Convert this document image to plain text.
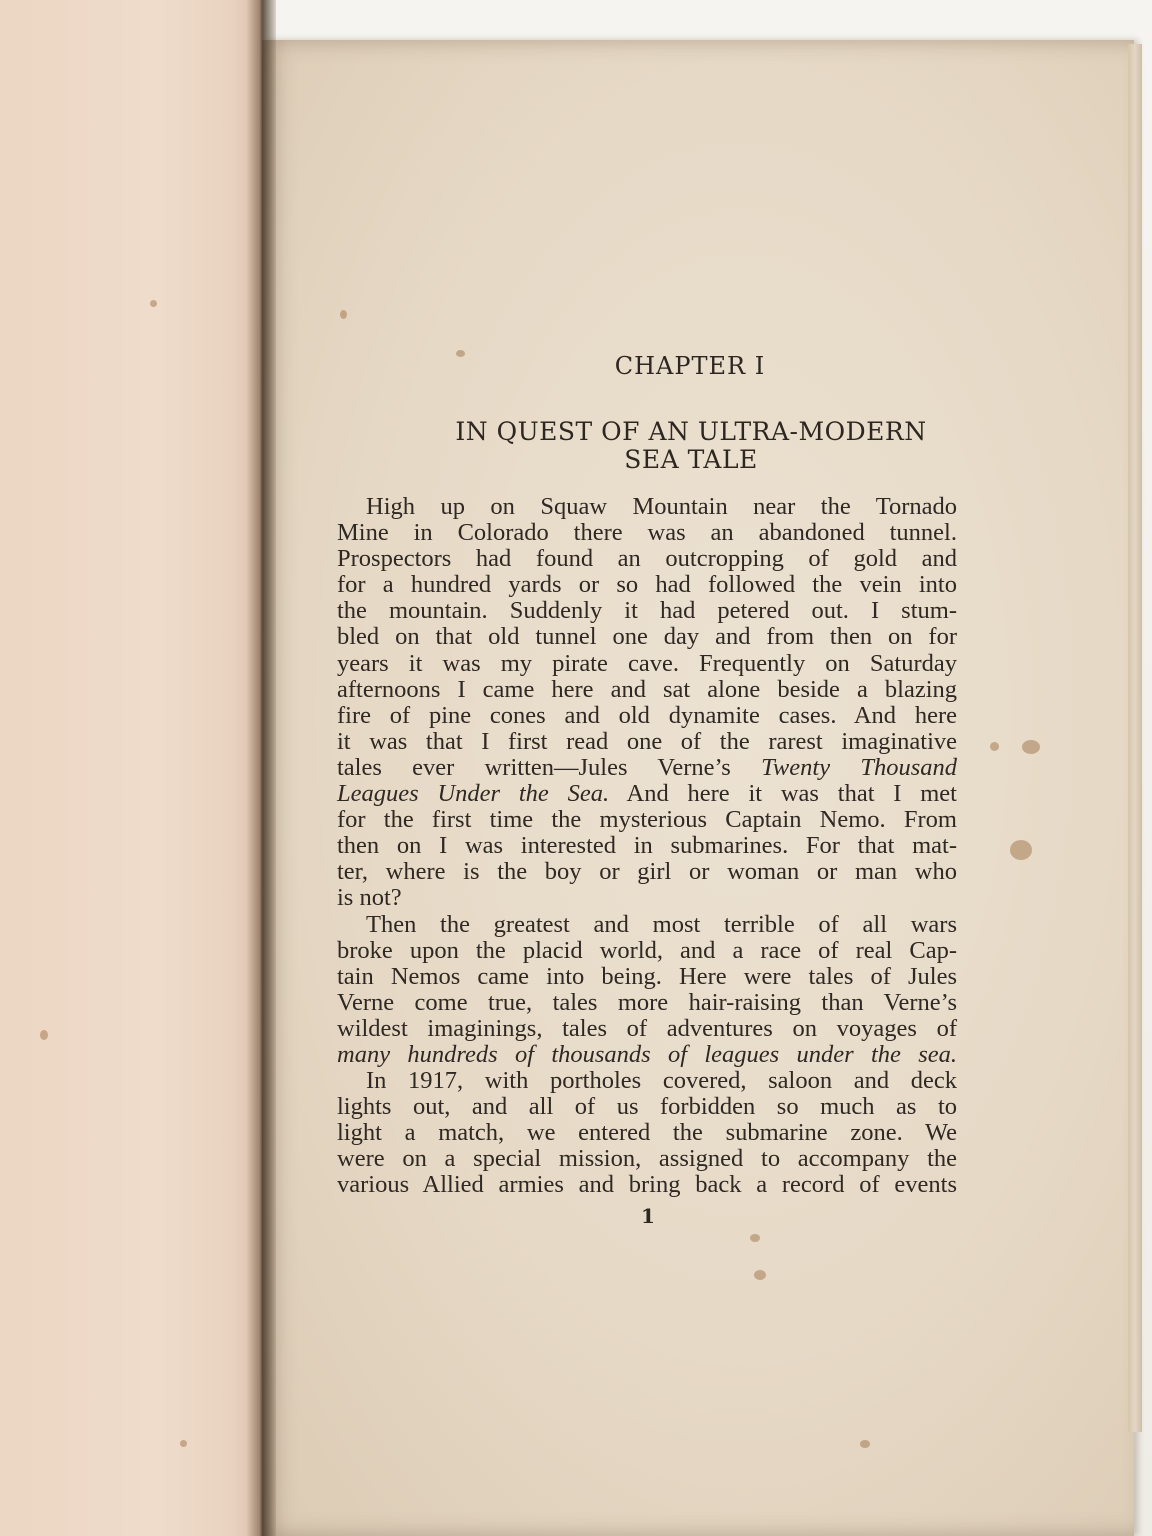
CHAPTER I
IN QUEST OF AN ULTRA-MODERN
SEA TALE
High up on Squaw Mountain near the Tornado
Mine in Colorado there was an abandoned tunnel.
Prospectors had found an outcropping of gold and
for a hundred yards or so had followed the vein into
the mountain. Suddenly it had petered out. I stum-
bled on that old tunnel one day and from then on for
years it was my pirate cave. Frequently on Saturday
afternoons I came here and sat alone beside a blazing
fire of pine cones and old dynamite cases. And here
it was that I first read one of the rarest imaginative
tales ever written—Jules Verne’s Twenty Thousand
Leagues Under the Sea. And here it was that I met
for the first time the mysterious Captain Nemo. From
then on I was interested in submarines. For that mat-
ter, where is the boy or girl or woman or man who
is not?
Then the greatest and most terrible of all wars
broke upon the placid world, and a race of real Cap-
tain Nemos came into being. Here were tales of Jules
Verne come true, tales more hair-raising than Verne’s
wildest imaginings, tales of adventures on voyages of
many hundreds of thousands of leagues under the sea.
In 1917, with portholes covered, saloon and deck
lights out, and all of us forbidden so much as to
light a match, we entered the submarine zone. We
were on a special mission, assigned to accompany the
various Allied armies and bring back a record of events
1
